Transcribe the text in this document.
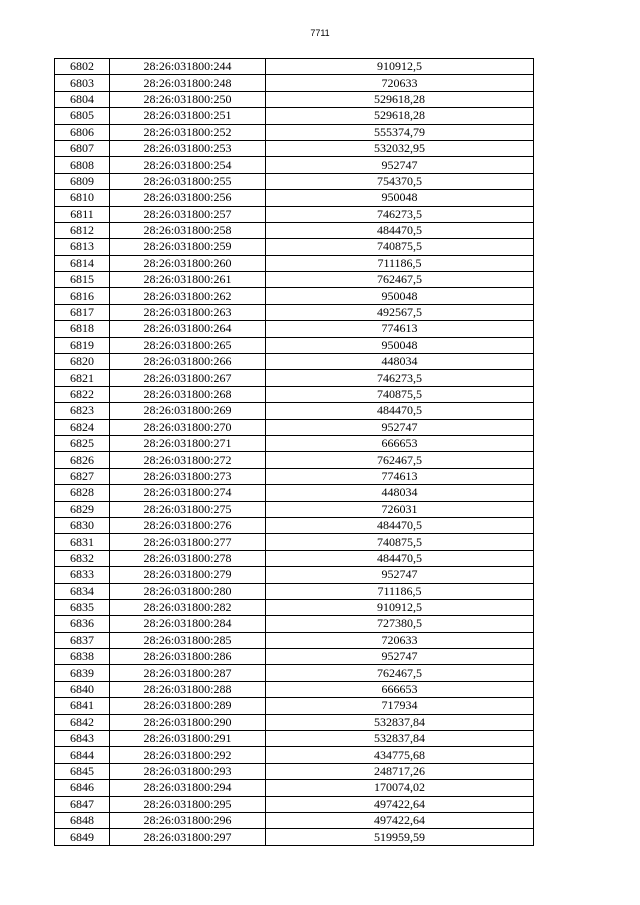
7711
6802	28:26:031800:244	910912,5
6803	28:26:031800:248	720633
6804	28:26:031800:250	529618,28
6805	28:26:031800:251	529618,28
6806	28:26:031800:252	555374,79
6807	28:26:031800:253	532032,95
6808	28:26:031800:254	952747
6809	28:26:031800:255	754370,5
6810	28:26:031800:256	950048
6811	28:26:031800:257	746273,5
6812	28:26:031800:258	484470,5
6813	28:26:031800:259	740875,5
6814	28:26:031800:260	711186,5
6815	28:26:031800:261	762467,5
6816	28:26:031800:262	950048
6817	28:26:031800:263	492567,5
6818	28:26:031800:264	774613
6819	28:26:031800:265	950048
6820	28:26:031800:266	448034
6821	28:26:031800:267	746273,5
6822	28:26:031800:268	740875,5
6823	28:26:031800:269	484470,5
6824	28:26:031800:270	952747
6825	28:26:031800:271	666653
6826	28:26:031800:272	762467,5
6827	28:26:031800:273	774613
6828	28:26:031800:274	448034
6829	28:26:031800:275	726031
6830	28:26:031800:276	484470,5
6831	28:26:031800:277	740875,5
6832	28:26:031800:278	484470,5
6833	28:26:031800:279	952747
6834	28:26:031800:280	711186,5
6835	28:26:031800:282	910912,5
6836	28:26:031800:284	727380,5
6837	28:26:031800:285	720633
6838	28:26:031800:286	952747
6839	28:26:031800:287	762467,5
6840	28:26:031800:288	666653
6841	28:26:031800:289	717934
6842	28:26:031800:290	532837,84
6843	28:26:031800:291	532837,84
6844	28:26:031800:292	434775,68
6845	28:26:031800:293	248717,26
6846	28:26:031800:294	170074,02
6847	28:26:031800:295	497422,64
6848	28:26:031800:296	497422,64
6849	28:26:031800:297	519959,59
